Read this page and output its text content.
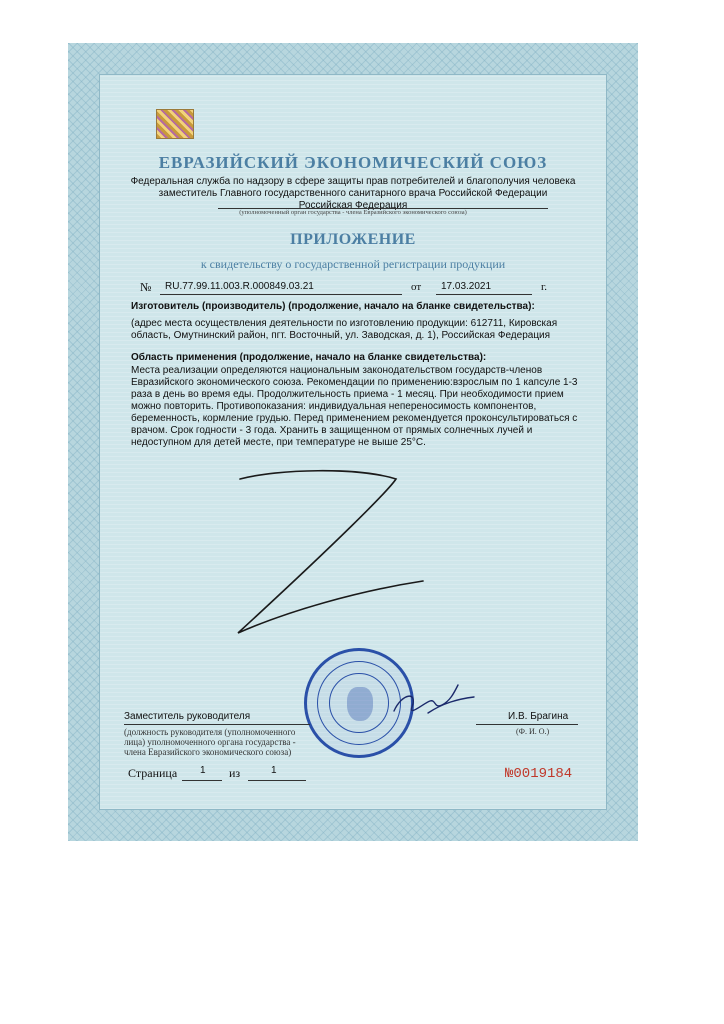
ЕВРАЗИЙСКИЙ ЭКОНОМИЧЕСКИЙ СОЮЗ
Федеральная служба по надзору в сфере защиты прав потребителей и благополучия человека
заместитель Главного государственного санитарного врача Российской Федерации
Российская Федерация
(уполномоченный орган государства - члена Евразийского экономического союза)
ПРИЛОЖЕНИЕ
к свидетельству о государственной регистрации продукции
№ RU.77.99.11.003.R.000849.03.21	от 17.03.2021	г.
Изготовитель (производитель) (продолжение, начало на бланке свидетельства):
(адрес места осуществления деятельности по изготовлению продукции: 612711, Кировская область, Омутнинский район, пгт. Восточный, ул. Заводская, д. 1), Российская Федерация
Область применения (продолжение, начало на бланке свидетельства):
Места реализации определяются национальным законодательством государств-членов Евразийского экономического союза. Рекомендации по применению:взрослым по 1 капсуле 1-3 раза в день во время еды. Продолжительность приема - 1 месяц. При необходимости прием можно повторить. Противопоказания: индивидуальная непереносимость компонентов, беременность, кормление грудью. Перед применением рекомендуется проконсультироваться с врачом. Срок годности - 3 года. Хранить в защищенном от прямых солнечных лучей и недоступном для детей месте, при температуре не выше 25°C.
Заместитель руководителя	И.В. Брагина
(должность руководителя (уполномоченного
лица) уполномоченного органа государства -
члена Евразийского экономического союза)
(Ф. И. О.)
Страница 1 из	1	№0019184
